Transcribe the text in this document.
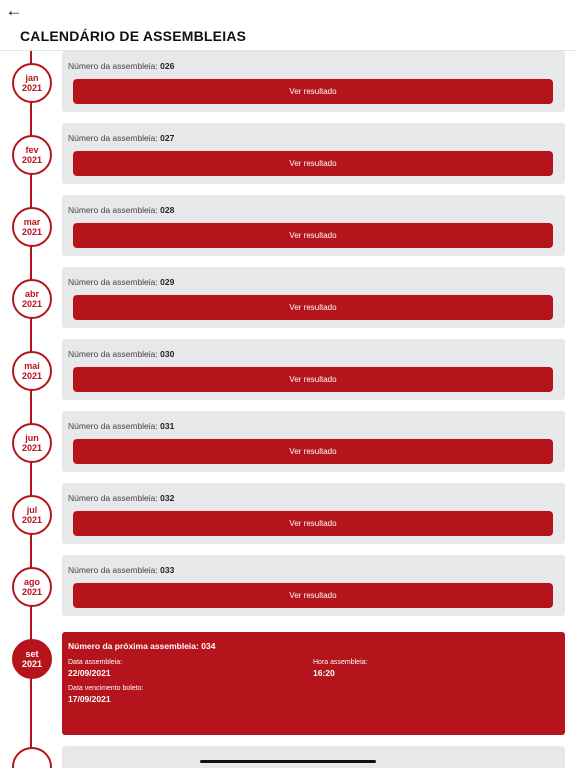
←
CALENDÁRIO DE ASSEMBLEIAS
jan
2021
Número da assembleia: 026
Ver resultado
fev
2021
Número da assembleia: 027
Ver resultado
mar
2021
Número da assembleia: 028
Ver resultado
abr
2021
Número da assembleia: 029
Ver resultado
mai
2021
Número da assembleia: 030
Ver resultado
jun
2021
Número da assembleia: 031
Ver resultado
jul
2021
Número da assembleia: 032
Ver resultado
ago
2021
Número da assembleia: 033
Ver resultado
set
2021
Número da próxima assembleia: 034
Data assembleia:
22/09/2021
Hora assembleia:
16:20
Data vencimento boleto:
17/09/2021
